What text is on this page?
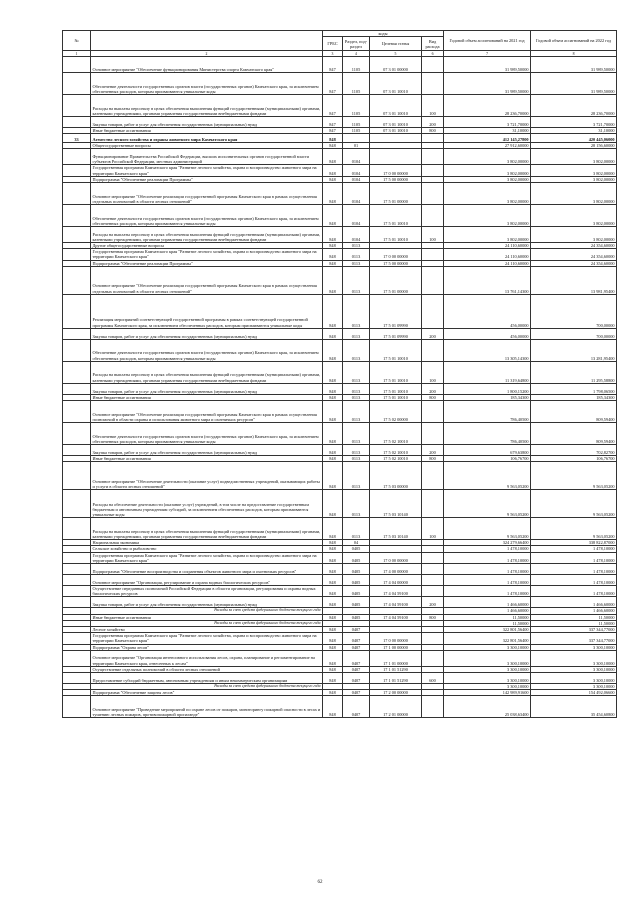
№		коды				Годовой объем ассигнований на 2021 год	Годовой объем ассигнований на 2022 год
		ГРБС	Раздел, под-раздел	Целевая статья	Вид расхода		
1	2	3	4	5	6	7	8
	Основное мероприятие "Обеспечение функционирования Министерства спорта Камчатского края"	847	1105	07 3 01 00000		31 989,50000	31 989,50000
	Обеспечение деятельности государственных органов власти (государственных органов) Камчатского края, за исключением обеспеченных расходов, которым присваиваются уникальные коды	847	1105	07 3 01 10010		31 989,50000	31 989,50000
	Расходы на выплаты персоналу в целях обеспечения выполнения функций государственными (муниципальными) органами, казенными учреждениями, органами управления государственными внебюджетными фондами	847	1105	07 3 01 10010	100	28 236,70000	28 236,70000
	Закупка товаров, работ и услуг для обеспечения государственных (муниципальных) нужд	847	1105	07 3 01 10010	200	3 721,70000	3 721,70000
	Иные бюджетные ассигнования	847	1105	07 3 01 10010	800	31,10000	31,10000
33	Агентство лесного хозяйства и охраны животного мира Камчатского края	848				412 145,27800	420 445,06000
	Общегосударственные вопросы	848	01			27 912,60000	28 156,60000
	Функционирование Правительства Российской Федерации, высших исполнительных органов государственной власти субъектов Российской Федерации, местных администраций	848	0104			3 802,00000	3 802,00000
	Государственная программа Камчатского края "Развитие лесного хозяйства, охрана и воспроизводство животного мира на территории Камчатского края"	848	0104	17 0 00 00000		3 802,00000	3 802,00000
	Подпрограмма "Обеспечение реализации Программы"	848	0104	17 5 00 00000		3 802,00000	3 802,00000
	Основное мероприятие "Обеспечение реализации государственной программы Камчатского края в рамках осуществления отдельных полномочий в области лесных отношений"	848	0104	17 5 01 00000		3 802,00000	3 802,00000
	Обеспечение деятельности государственных органов власти (государственных органов) Камчатского края, за исключением обеспеченных расходов, которым присваиваются уникальные коды	848	0104	17 5 01 10010		3 802,00000	3 802,00000
	Расходы на выплаты персоналу в целях обеспечения выполнения функций государственными (муниципальными) органами, казенными учреждениями, органами управления государственными внебюджетными фондами	848	0104	17 5 01 10010	100	3 802,00000	3 802,00000
	Другие общегосударственные вопросы	848	0113			24 110,60000	24 354,60000
	Государственная программа Камчатского края "Развитие лесного хозяйства, охрана и воспроизводство животного мира на территории Камчатского края"	848	0113	17 0 00 00000		24 110,60000	24 354,60000
	Подпрограмма "Обеспечение реализации Программы"	848	0113	17 5 00 00000		24 110,60000	24 354,60000
	Основное мероприятие "Обеспечение реализации государственной программы Камчатского края в рамках осуществления отдельных полномочий в области лесных отношений"	848	0113	17 5 01 00000		13 761,14300	13 981,95400
	Реализация мероприятий соответствующей государственной программы в рамках соответствующей государственной программы Камчатского края, за исключением обеспеченных расходов, которым присваиваются уникальные коды	848	0113	17 5 01 09990		456,00000	700,00000
	Закупка товаров, работ и услуг для обеспечения государственных (муниципальных) нужд	848	0113	17 5 01 09990	200	456,00000	700,00000
	Обеспечение деятельности государственных органов власти (государственных органов) Камчатского края, за исключением обеспеченных расходов, которым присваиваются уникальные коды	848	0113	17 5 01 10010		13 305,14300	13 281,95400
	Расходы на выплаты персоналу в целях обеспечения выполнения функций государственными (муниципальными) органами, казенными учреждениями, органами управления государственными внебюджетными фондами	848	0113	17 5 01 10010	100	11 319,64800	11 295,58800
	Закупка товаров, работ и услуг для обеспечения государственных (муниципальных) нужд	848	0113	17 5 01 10010	200	1 800,15200	1 798,06500
	Иные бюджетные ассигнования	848	0113	17 5 01 10010	800	185,34300	185,34300
	Основное мероприятие "Обеспечение реализации государственной программы Камчатского края в рамках осуществления полномочий в области охраны и использования животного мира и охотничьих ресурсов"	848	0113	17 5 02 00000		786,40500	809,59400
	Обеспечение деятельности государственных органов власти (государственных органов) Камчатского края, за исключением обеспеченных расходов, которым присваиваются уникальные коды	848	0113	17 5 02 10010		786,40500	809,59400
	Закупка товаров, работ и услуг для обеспечения государственных (муниципальных) нужд	848	0113	17 5 02 10010	200	679,63800	702,82700
	Иные бюджетные ассигнования	848	0113	17 5 02 10010	800	106,76700	106,76700
	Основное мероприятие "Обеспечение деятельности (оказание услуг) подведомственных учреждений, оказывающих работы и услуги в области лесных отношений"	848	0113	17 5 03 00000		9 563,05200	9 563,05200
	Расходы на обеспечение деятельности (оказание услуг) учреждений, в том числе на предоставление государственным бюджетным и автономным учреждениям субсидий, за исключением обеспеченных расходов, которым присваиваются уникальные коды	848	0113	17 5 03 10140		9 563,05200	9 563,05200
	Расходы на выплаты персоналу в целях обеспечения выполнения функций государственными (муниципальными) органами, казенными учреждениями, органами управления государственными внебюджетными фондами	848	0113	17 5 03 10140	100	9 563,05200	9 563,05200
	Национальная экономика	848	04			324 279,66400	338 822,87000
	Сельское хозяйство и рыболовство	848	0405			1 478,10000	1 478,10000
	Государственная программа Камчатского края "Развитие лесного хозяйства, охрана и воспроизводство животного мира на территории Камчатского края"	848	0405	17 0 00 00000		1 478,10000	1 478,10000
	Подпрограмма "Обеспечение воспроизводства и сохранения объектов животного мира и охотничьих ресурсов"	848	0405	17 4 00 00000		1 478,10000	1 478,10000
	Основное мероприятие "Организация, регулирование и охрана водных биологических ресурсов"	848	0405	17 4 04 00000		1 478,10000	1 478,10000
	Осуществление переданных полномочий Российской Федерации в области организации, регулирования и охраны водных биологических ресурсов	848	0405	17 4 04 59100		1 478,10000	1 478,10000
	Закупка товаров, работ и услуг для обеспечения государственных (муниципальных) нужд	848	0405	17 4 04 59100	200	1 466,60000	1 466,60000
	Расходы за счет средств федерального бюджета текущего года					1 466,60000	1 466,60000
	Иные бюджетные ассигнования	848	0405	17 4 04 59100	800	11,50000	11,50000
	Расходы за счет средств федерального бюджета текущего года					11,50000	11,50000
	Лесное хозяйство	848	0407			322 801,56400	337 344,77000
	Государственная программа Камчатского края "Развитие лесного хозяйства, охрана и воспроизводство животного мира на территории Камчатского края"	848	0407	17 0 00 00000		322 801,56400	337 344,77000
	Подпрограмма "Охрана лесов"	848	0407	17 1 00 00000		3 300,10000	3 300,10000
	Основное мероприятие "Организация интенсивного использования лесов, охрана, планирование и регламентирование на территории Камчатского края, отнесенных к лесам"	848	0407	17 1 01 00000		3 300,10000	3 300,10000
	Осуществление отдельных полномочий в области лесных отношений	848	0407	17 1 01 51290		3 300,10000	3 300,10000
	Предоставление субсидий бюджетным, автономным учреждениям и иным некоммерческим организациям	848	0407	17 1 01 51290	600	3 300,10000	3 300,10000
	Расходы за счет средств федерального бюджета текущего года					3 300,10000	3 300,10000
	Подпрограмма "Обеспечение защиты лесов"	848	0407	17 2 00 00000		142 989,91600	154 492,06600
	Основное мероприятие "Проведение мероприятий по охране лесов от пожаров, мониторингу пожарной опасности в лесах и тушению лесных пожаров, противопожарной пропаганде"	848	0407	17 2 01 00000		25 038,63400	35 454,60800
62
